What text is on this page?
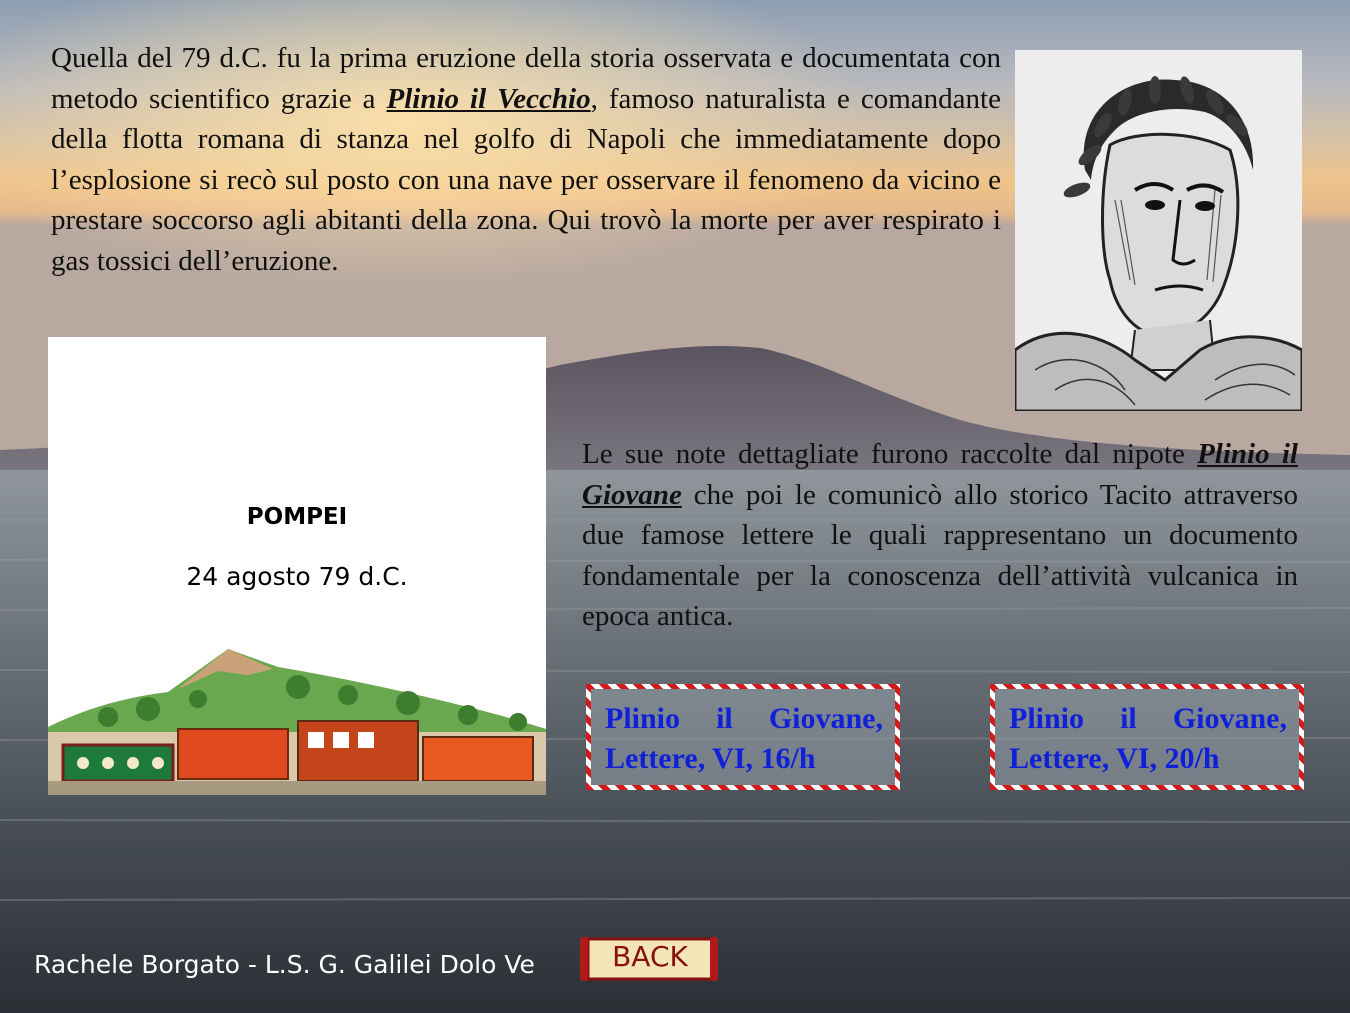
Quella del 79 d.C. fu la prima eruzione della storia osservata e documentata con metodo scientifico grazie a Plinio il Vecchio, famoso naturalista e comandante della flotta romana di stanza nel golfo di Napoli che immediatamente dopo l’esplosione si recò sul posto con una nave per osservare il fenomeno da vicino e prestare soccorso agli abitanti della zona. Qui trovò la morte per aver respirato i gas tossici dell’eruzione.

POMPEI
24 agosto 79 d.C.

Le sue note dettagliate furono raccolte dal nipote Plinio il Giovane che poi le comunicò allo storico Tacito attraverso due famose lettere le quali rappresentano un documento fondamentale per la conoscenza dell’attività vulcanica in epoca antica.

Plinio il Giovane, Lettere, VI, 16/h
Plinio il Giovane, Lettere, VI, 20/h
Rachele Borgato - L.S. G. Galilei Dolo Ve	BACK
